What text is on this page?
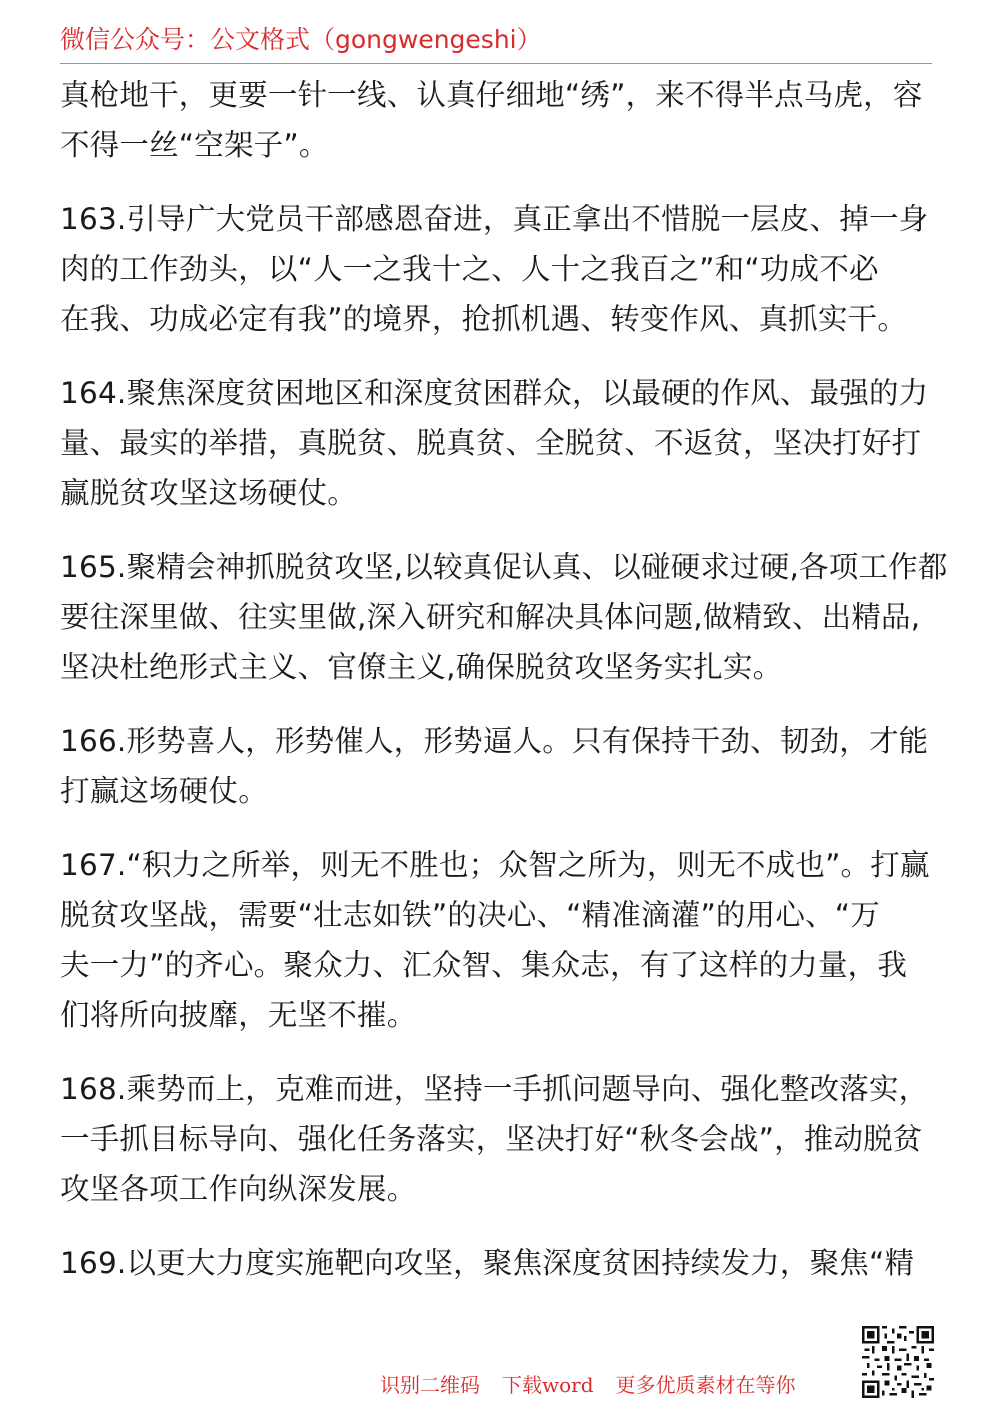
微信公众号：公文格式（gongwengeshi）
真枪地干，更要一针一线、认真仔细地“绣”，来不得半点马虎，容
不得一丝“空架子”。
163.引导广大党员干部感恩奋进，真正拿出不惜脱一层皮、掉一身
肉的工作劲头，以“人一之我十之、人十之我百之”和“功成不必
在我、功成必定有我”的境界，抢抓机遇、转变作风、真抓实干。
164.聚焦深度贫困地区和深度贫困群众，以最硬的作风、最强的力
量、最实的举措，真脱贫、脱真贫、全脱贫、不返贫，坚决打好打
赢脱贫攻坚这场硬仗。
165.聚精会神抓脱贫攻坚,以较真促认真、以碰硬求过硬,各项工作都
要往深里做、往实里做,深入研究和解决具体问题,做精致、出精品,
坚决杜绝形式主义、官僚主义,确保脱贫攻坚务实扎实。
166.形势喜人，形势催人，形势逼人。只有保持干劲、韧劲，才能
打赢这场硬仗。
167.“积力之所举，则无不胜也；众智之所为，则无不成也”。打赢
脱贫攻坚战，需要“壮志如铁”的决心、“精准滴灌”的用心、“万
夫一力”的齐心。聚众力、汇众智、集众志，有了这样的力量，我
们将所向披靡，无坚不摧。
168.乘势而上，克难而进，坚持一手抓问题导向、强化整改落实，
一手抓目标导向、强化任务落实，坚决打好“秋冬会战”，推动脱贫
攻坚各项工作向纵深发展。
169.以更大力度实施靶向攻坚，聚焦深度贫困持续发力，聚焦“精
识别二维码 下载word 更多优质素材在等你
